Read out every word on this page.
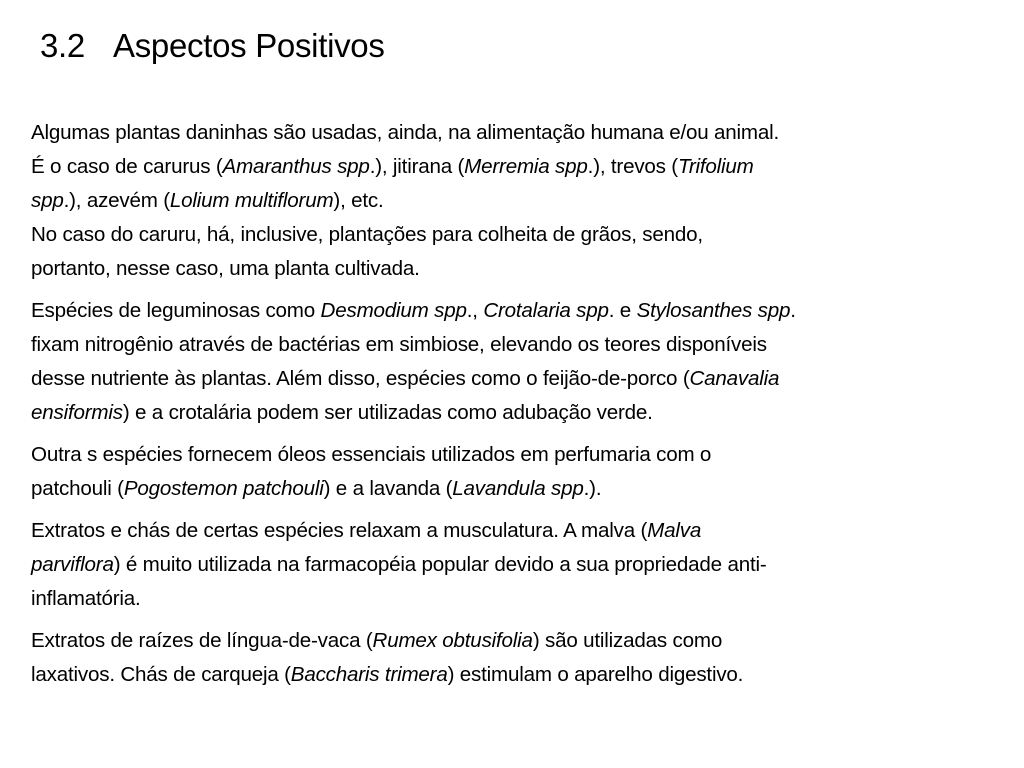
3.2 Aspectos Positivos
Algumas plantas daninhas são usadas, ainda, na alimentação humana e/ou animal.
É o caso de carurus (Amaranthus spp.), jitirana (Merremia spp.), trevos (Trifolium
spp.), azevém (Lolium multiflorum), etc.
No caso do caruru, há, inclusive, plantações para colheita de grãos, sendo,
portanto, nesse caso, uma planta cultivada.
Espécies de leguminosas como Desmodium spp., Crotalaria spp. e Stylosanthes spp.
fixam nitrogênio através de bactérias em simbiose, elevando os teores disponíveis
desse nutriente às plantas. Além disso, espécies como o feijão-de-porco (Canavalia
ensiformis) e a crotalária podem ser utilizadas como adubação verde.
Outra s espécies fornecem óleos essenciais utilizados em perfumaria com o
patchouli (Pogostemon patchouli) e a lavanda (Lavandula spp.).
Extratos e chás de certas espécies relaxam a musculatura. A malva (Malva
parviflora) é muito utilizada na farmacopéia popular devido a sua propriedade anti-
inflamatória.
Extratos de raízes de língua-de-vaca (Rumex obtusifolia) são utilizadas como
laxativos. Chás de carqueja (Baccharis trimera) estimulam o aparelho digestivo.
